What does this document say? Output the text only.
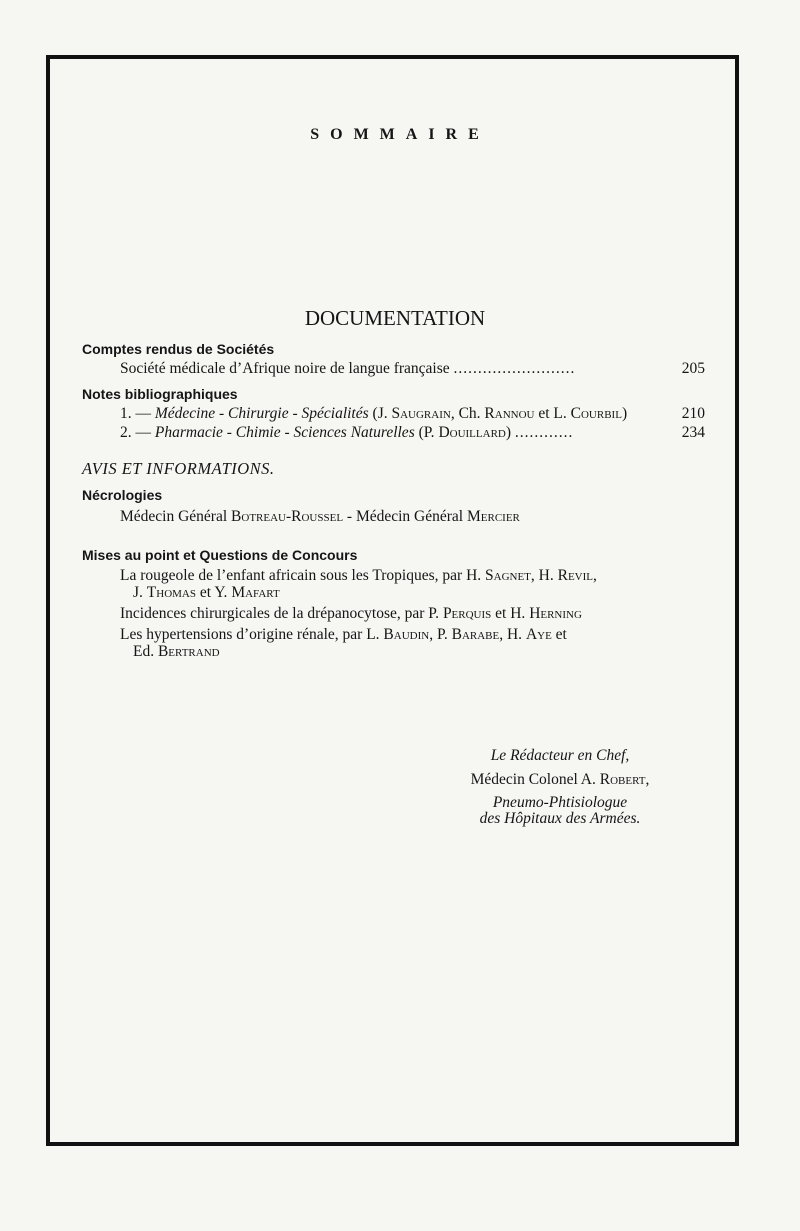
SOMMAIRE
DOCUMENTATION
Comptes rendus de Sociétés
Société médicale d’Afrique noire de langue française .........................	205
Notes bibliographiques
1. — Médecine - Chirurgie - Spécialités (J. Saugrain, Ch. Rannou et L. Courbil)	210
2. — Pharmacie - Chimie - Sciences Naturelles (P. Douillard) ............	234
AVIS ET INFORMATIONS.
Nécrologies
Médecin Général Botreau-Roussel - Médecin Général Mercier
Mises au point et Questions de Concours
La rougeole de l’enfant africain sous les Tropiques, par H. Sagnet, H. Revil,
J. Thomas et Y. Mafart
Incidences chirurgicales de la drépanocytose, par P. Perquis et H. Herning
Les hypertensions d’origine rénale, par L. Baudin, P. Barabe, H. Aye et
Ed. Bertrand
Le Rédacteur en Chef,
Médecin Colonel A. Robert,
Pneumo-Phtisiologue
des Hôpitaux des Armées.
